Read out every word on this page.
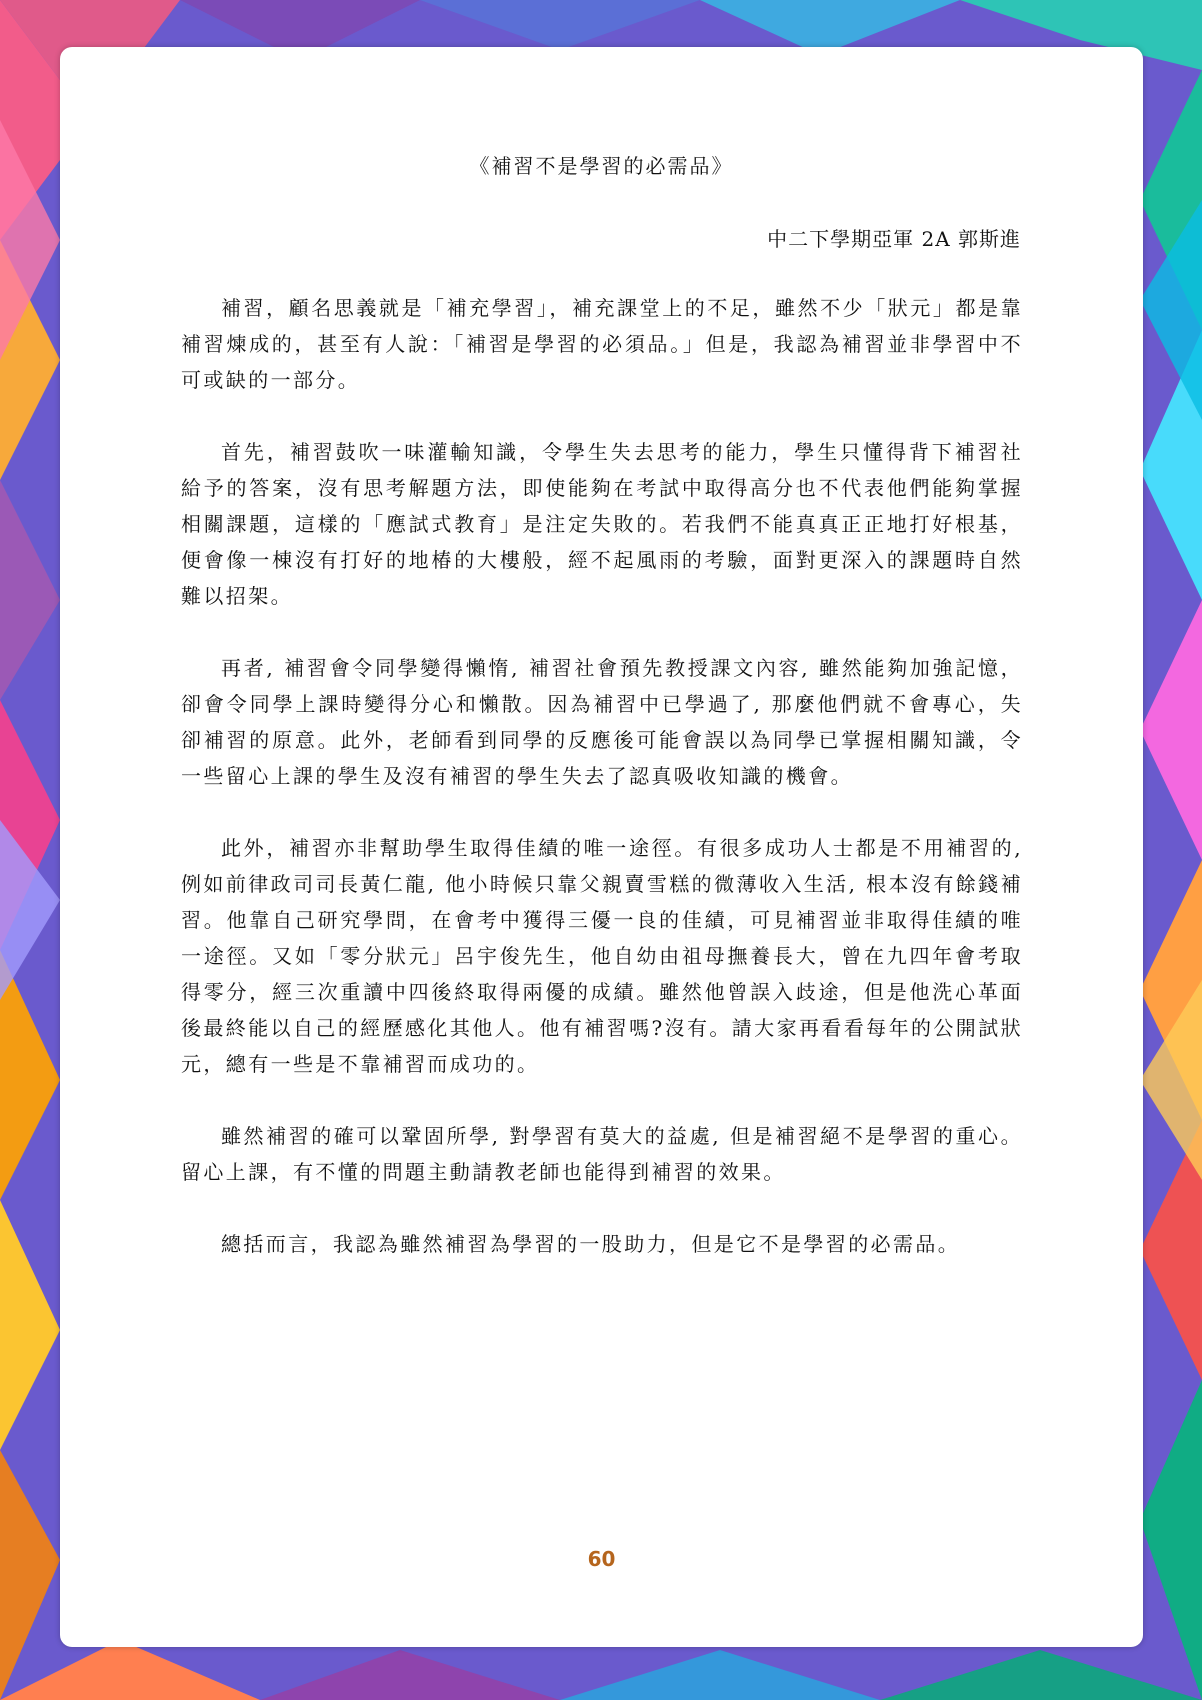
《補習不是學習的必需品》
中二下學期亞軍 2A 郭斯進

補習，顧名思義就是「補充學習」，補充課堂上的不足，雖然不少「狀元」都是靠補習煉成的，甚至有人說：「補習是學習的必須品。」但是，我認為補習並非學習中不可或缺的一部分。

首先，補習鼓吹一味灌輸知識，令學生失去思考的能力，學生只懂得背下補習社給予的答案，沒有思考解題方法，即使能夠在考試中取得高分也不代表他們能夠掌握相關課題，這樣的「應試式教育」是注定失敗的。若我們不能真真正正地打好根基，便會像一棟沒有打好的地椿的大樓般，經不起風雨的考驗，面對更深入的課題時自然難以招架。

再者, 補習會令同學變得懶惰, 補習社會預先教授課文內容, 雖然能夠加強記憶，卻會令同學上課時變得分心和懶散。因為補習中已學過了, 那麼他們就不會專心，失卻補習的原意。此外，老師看到同學的反應後可能會誤以為同學已掌握相關知識，令一些留心上課的學生及沒有補習的學生失去了認真吸收知識的機會。

此外，補習亦非幫助學生取得佳績的唯一途徑。有很多成功人士都是不用補習的, 例如前律政司司長黃仁龍, 他小時候只靠父親賣雪糕的微薄收入生活, 根本沒有餘錢補習。他靠自己研究學問，在會考中獲得三優一良的佳績，可見補習並非取得佳績的唯一途徑。又如「零分狀元」呂宇俊先生，他自幼由祖母撫養長大，曾在九四年會考取得零分，經三次重讀中四後終取得兩優的成績。雖然他曾誤入歧途，但是他洗心革面後最終能以自己的經歷感化其他人。他有補習嗎?沒有。請大家再看看每年的公開試狀元，總有一些是不靠補習而成功的。

雖然補習的確可以鞏固所學, 對學習有莫大的益處, 但是補習絕不是學習的重心。留心上課，有不懂的問題主動請教老師也能得到補習的效果。

總括而言，我認為雖然補習為學習的一股助力，但是它不是學習的必需品。

60
